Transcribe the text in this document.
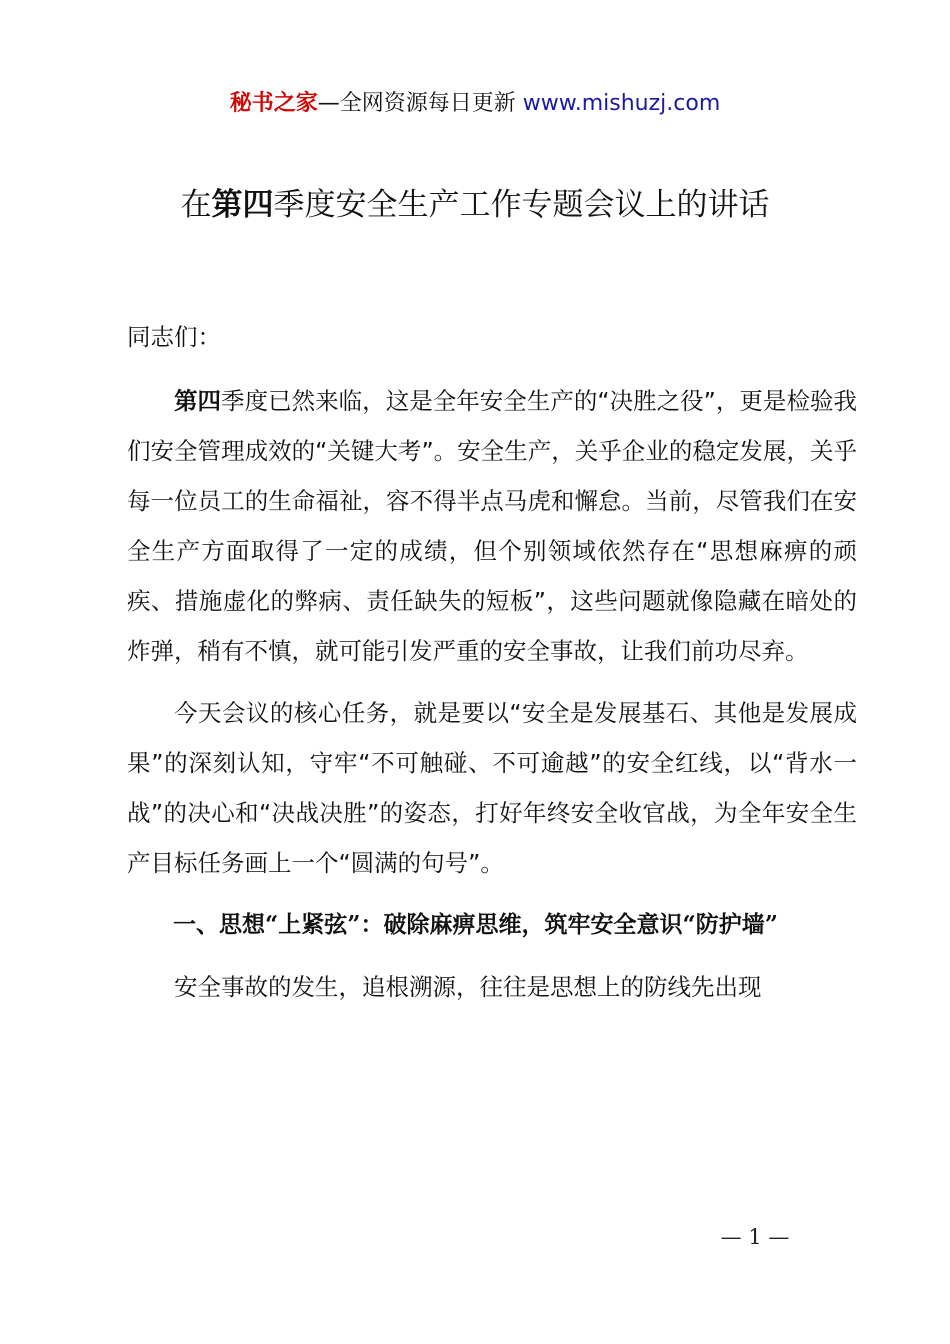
秘书之家—全网资源每日更新 www.mishuzj.com
在第四季度安全生产工作专题会议上的讲话

同志们：

第四季度已然来临，这是全年安全生产的“决胜之役”，更是检验我们安全管理成效的“关键大考”。安全生产，关乎企业的稳定发展，关乎每一位员工的生命福祉，容不得半点马虎和懈怠。当前，尽管我们在安全生产方面取得了一定的成绩，但个别领域依然存在“思想麻痹的顽疾、措施虚化的弊病、责任缺失的短板”，这些问题就像隐藏在暗处的炸弹，稍有不慎，就可能引发严重的安全事故，让我们前功尽弃。

今天会议的核心任务，就是要以“安全是发展基石、其他是发展成果”的深刻认知，守牢“不可触碰、不可逾越”的安全红线，以“背水一战”的决心和“决战决胜”的姿态，打好年终安全收官战，为全年安全生产目标任务画上一个“圆满的句号”。

一、思想“上紧弦”：破除麻痹思维，筑牢安全意识“防护墙”

安全事故的发生，追根溯源，往往是思想上的防线先出现

— 1 —
